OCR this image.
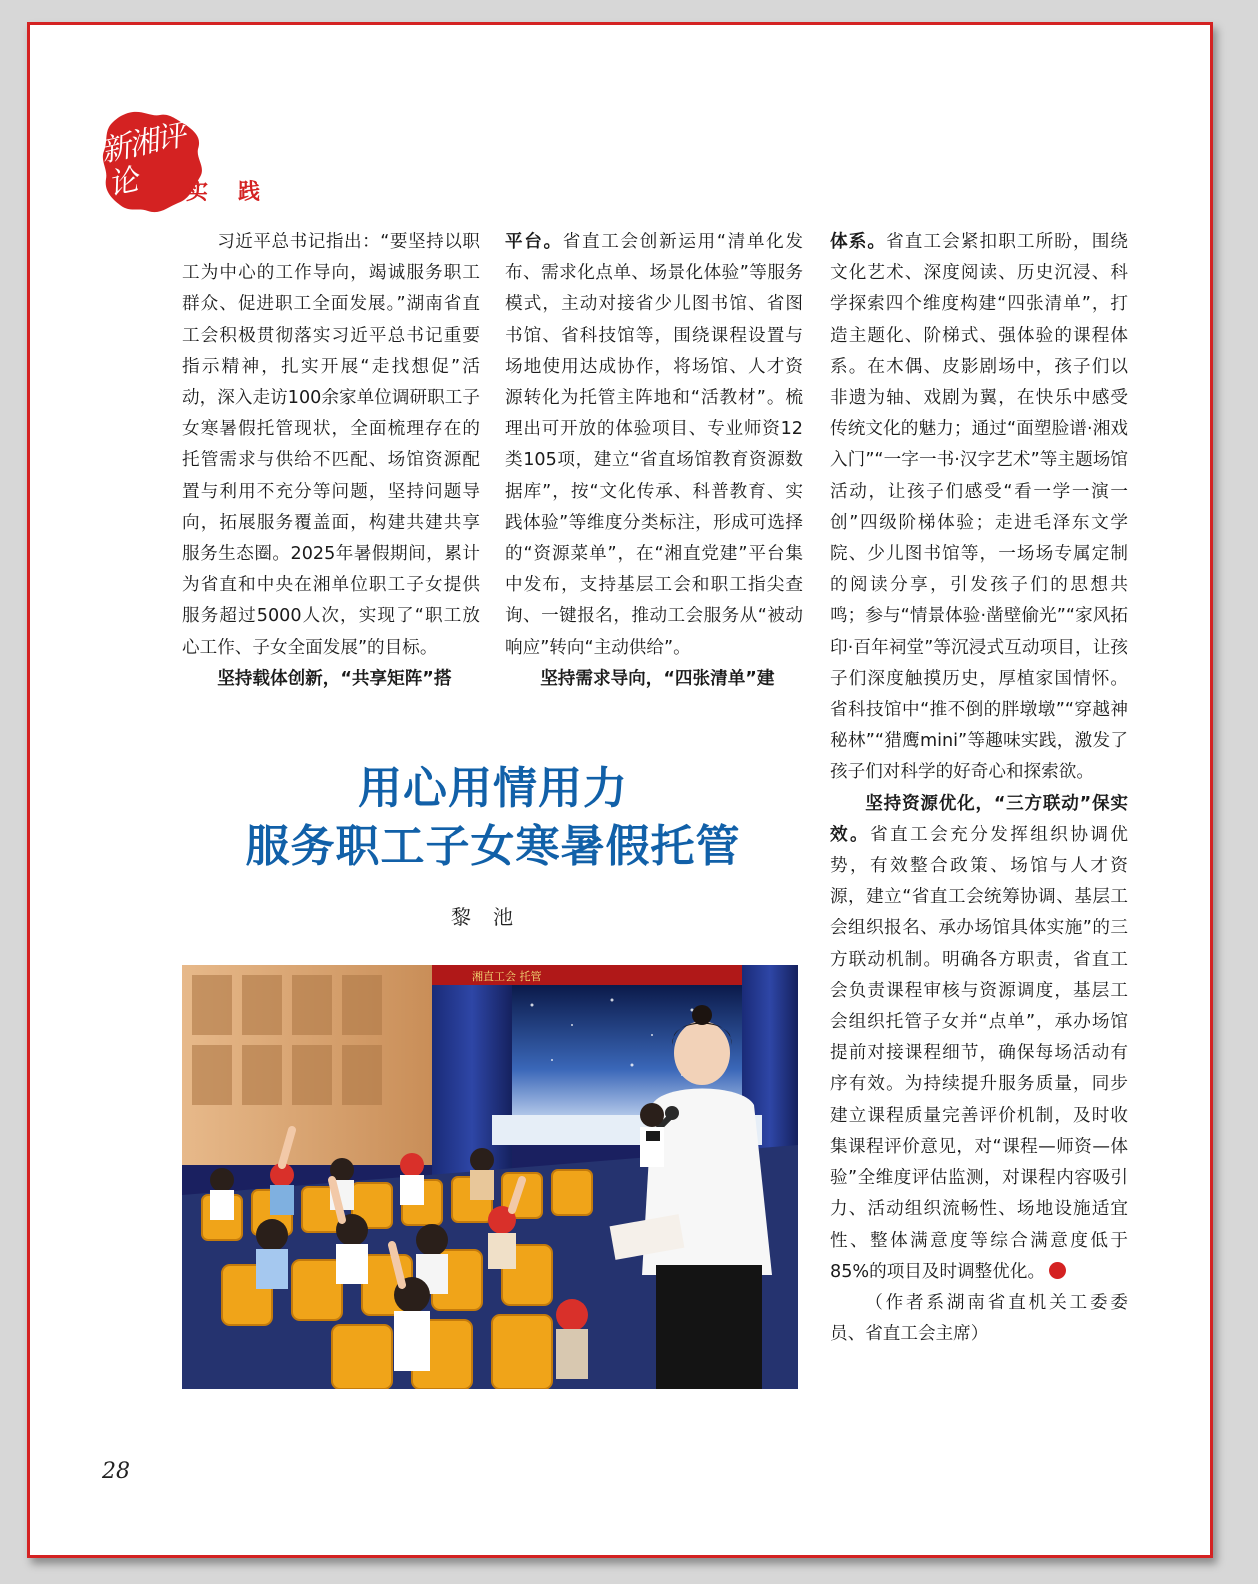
新湘评论	实践

习近平总书记指出：“要坚持以职工为中心的工作导向，竭诚服务职工群众、促进职工全面发展。”湖南省直工会积极贯彻落实习近平总书记重要指示精神，扎实开展“走找想促”活动，深入走访100余家单位调研职工子女寒暑假托管现状，全面梳理存在的托管需求与供给不匹配、场馆资源配置与利用不充分等问题，坚持问题导向，拓展服务覆盖面，构建共建共享服务生态圈。2025年暑假期间，累计为省直和中央在湘单位职工子女提供服务超过5000人次，实现了“职工放心工作、子女全面发展”的目标。

坚持载体创新，“共享矩阵”搭

平台。省直工会创新运用“清单化发布、需求化点单、场景化体验”等服务模式，主动对接省少儿图书馆、省图书馆、省科技馆等，围绕课程设置与场地使用达成协作，将场馆、人才资源转化为托管主阵地和“活教材”。梳理出可开放的体验项目、专业师资12类105项，建立“省直场馆教育资源数据库”，按“文化传承、科普教育、实践体验”等维度分类标注，形成可选择的“资源菜单”，在“湘直党建”平台集中发布，支持基层工会和职工指尖查询、一键报名，推动工会服务从“被动响应”转向“主动供给”。

坚持需求导向，“四张清单”建

体系。省直工会紧扣职工所盼，围绕文化艺术、深度阅读、历史沉浸、科学探索四个维度构建“四张清单”，打造主题化、阶梯式、强体验的课程体系。在木偶、皮影剧场中，孩子们以非遗为轴、戏剧为翼，在快乐中感受传统文化的魅力；通过“面塑脸谱·湘戏入门”“一字一书·汉字艺术”等主题场馆活动，让孩子们感受“看一学一演一创”四级阶梯体验；走进毛泽东文学院、少儿图书馆等，一场场专属定制的阅读分享，引发孩子们的思想共鸣；参与“情景体验·凿壁偷光”“家风拓印·百年祠堂”等沉浸式互动项目，让孩子们深度触摸历史，厚植家国情怀。省科技馆中“推不倒的胖墩墩”“穿越神秘林”“猎鹰mini”等趣味实践，激发了孩子们对科学的好奇心和探索欲。

坚持资源优化，“三方联动”保实效。省直工会充分发挥组织协调优势，有效整合政策、场馆与人才资源，建立“省直工会统筹协调、基层工会组织报名、承办场馆具体实施”的三方联动机制。明确各方职责，省直工会负责课程审核与资源调度，基层工会组织托管子女并“点单”，承办场馆提前对接课程细节，确保每场活动有序有效。为持续提升服务质量，同步建立课程质量完善评价机制，及时收集课程评价意见，对“课程—师资—体验”全维度评估监测，对课程内容吸引力、活动组织流畅性、场地设施适宜性、整体满意度等综合满意度低于85%的项目及时调整优化。

（作者系湖南省直机关工委委员、省直工会主席）

用心用情用力
服务职工子女寒暑假托管
黎池
湘直工会 托管
28
